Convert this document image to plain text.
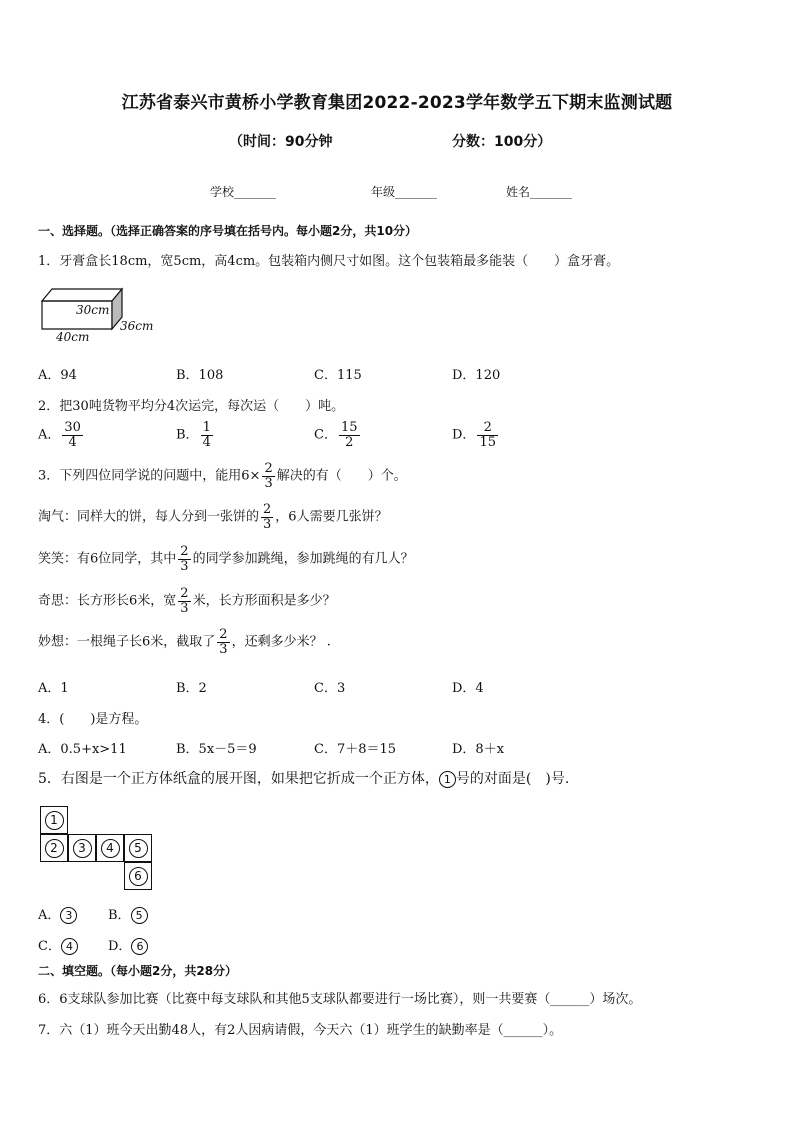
江苏省泰兴市黄桥小学教育集团2022-2023学年数学五下期末监测试题
（时间：90分钟	分数：100分）
学校_______	年级_______	姓名_______
一、选择题。（选择正确答案的序号填在括号内。每小题2分，共10分）
1．牙膏盒长18cm，宽5cm，高4cm。包装箱内侧尺寸如图。这个包装箱最多能装（　　）盒牙膏。
30cm
36cm
40cm
A．94	B．108	C．115	D．120
2．把30吨货物平均分4次运完，每次运（　　）吨。
A． $\frac{30}{4}$	B． $\frac{1}{4}$	C． $\frac{15}{2}$	D． $\frac{2}{15}$
3．下列四位同学说的问题中，能用$6\times \frac{2}{3}$ 解决的有（　　）个。
淘气：同样大的饼，每人分到一张饼的 $\frac{2}{3}$ ，6人需要几张饼？
笑笑：有6位同学，其中 $\frac{2}{3}$ 的同学参加跳绳，参加跳绳的有几人？
奇思：长方形长6米，宽 $\frac{2}{3}$ 米，长方形面积是多少？
妙想：一根绳子长6米，截取了 $\frac{2}{3}$ ，还剩多少米？ .
A．1	B．2	C．3	D．4
4．(　　)是方程。
A．0.5+x>11	B．5x－5＝9	C．7＋8＝15	D．8＋x
5．右图是一个正方体纸盒的展开图，如果把它折成一个正方体， 1 号的对面是(　)号.
1
2	3	4	5
6
A． 3	B． 5
C． 4	D． 6
二、填空题。（每小题2分，共28分）
6．6支球队参加比赛（比赛中每支球队和其他5支球队都要进行一场比赛），则一共要赛（______）场次。
7．六（1）班今天出勤48人，有2人因病请假，今天六（1）班学生的缺勤率是（______）。
